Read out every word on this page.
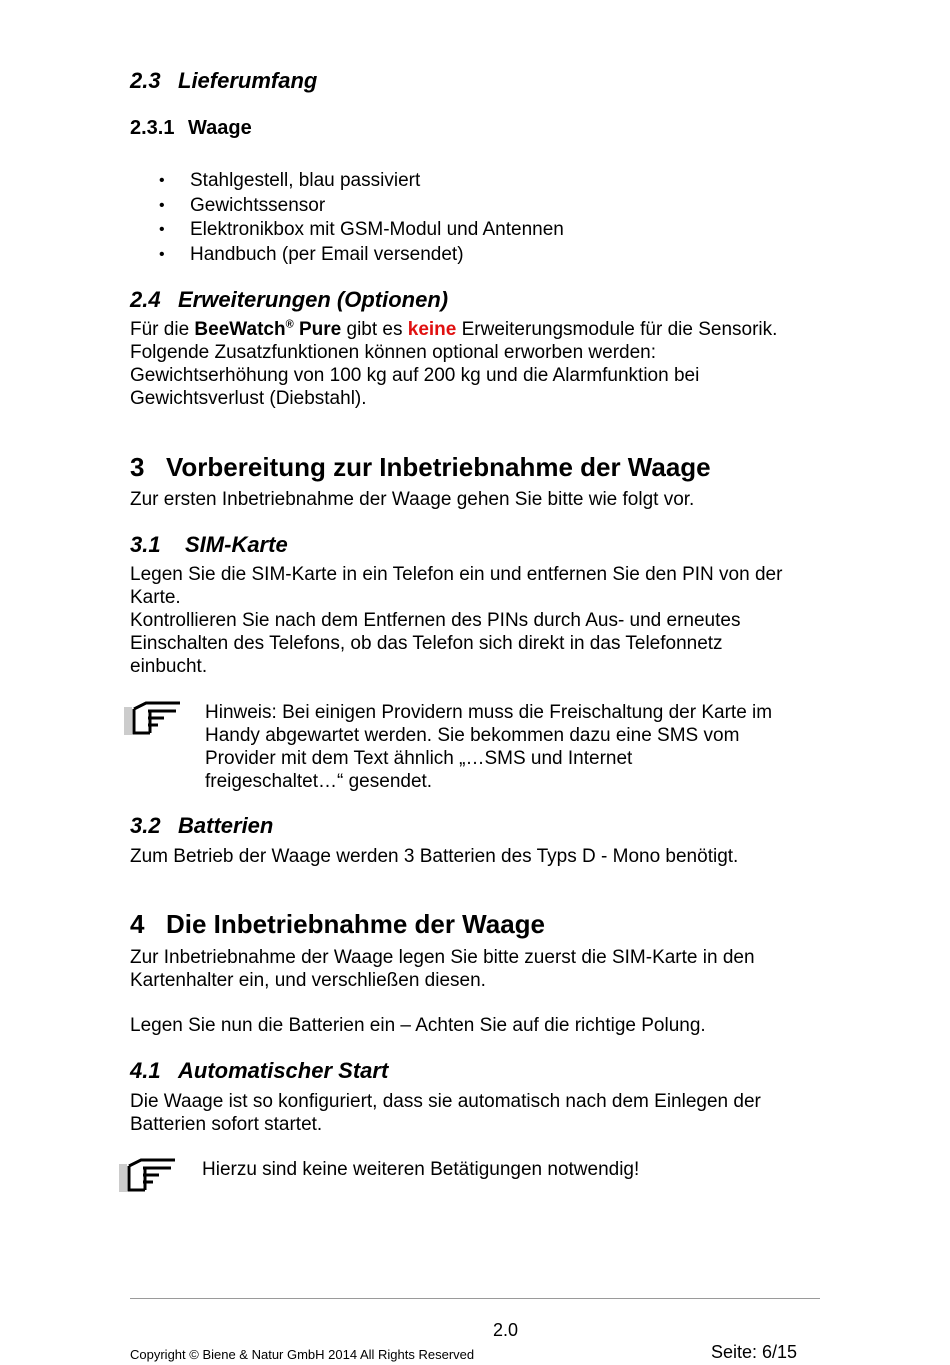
2.3 Lieferumfang
2.3.1 Waage
• Stahlgestell, blau passiviert
• Gewichtssensor
• Elektronikbox mit GSM-Modul und Antennen
• Handbuch (per Email versendet)
2.4 Erweiterungen (Optionen)
Für die BeeWatch® Pure gibt es keine Erweiterungsmodule für die Sensorik.
Folgende Zusatzfunktionen können optional erworben werden:
Gewichtserhöhung von 100 kg auf 200 kg und die Alarmfunktion bei
Gewichtsverlust (Diebstahl).
3 Vorbereitung zur Inbetriebnahme der Waage
Zur ersten Inbetriebnahme der Waage gehen Sie bitte wie folgt vor.
3.1 SIM-Karte
Legen Sie die SIM-Karte in ein Telefon ein und entfernen Sie den PIN von der
Karte.
Kontrollieren Sie nach dem Entfernen des PINs durch Aus- und erneutes
Einschalten des Telefons, ob das Telefon sich direkt in das Telefonnetz
einbucht.
Hinweis: Bei einigen Providern muss die Freischaltung der Karte im
Handy abgewartet werden. Sie bekommen dazu eine SMS vom
Provider mit dem Text ähnlich „…SMS und Internet
freigeschaltet…“ gesendet.
3.2 Batterien
Zum Betrieb der Waage werden 3 Batterien des Typs D - Mono benötigt.
4 Die Inbetriebnahme der Waage
Zur Inbetriebnahme der Waage legen Sie bitte zuerst die SIM-Karte in den
Kartenhalter ein, und verschließen diesen.
Legen Sie nun die Batterien ein – Achten Sie auf die richtige Polung.
4.1 Automatischer Start
Die Waage ist so konfiguriert, dass sie automatisch nach dem Einlegen der
Batterien sofort startet.
Hierzu sind keine weiteren Betätigungen notwendig!
2.0
Copyright © Biene & Natur GmbH 2014 All Rights Reserved	Seite: 6/15
